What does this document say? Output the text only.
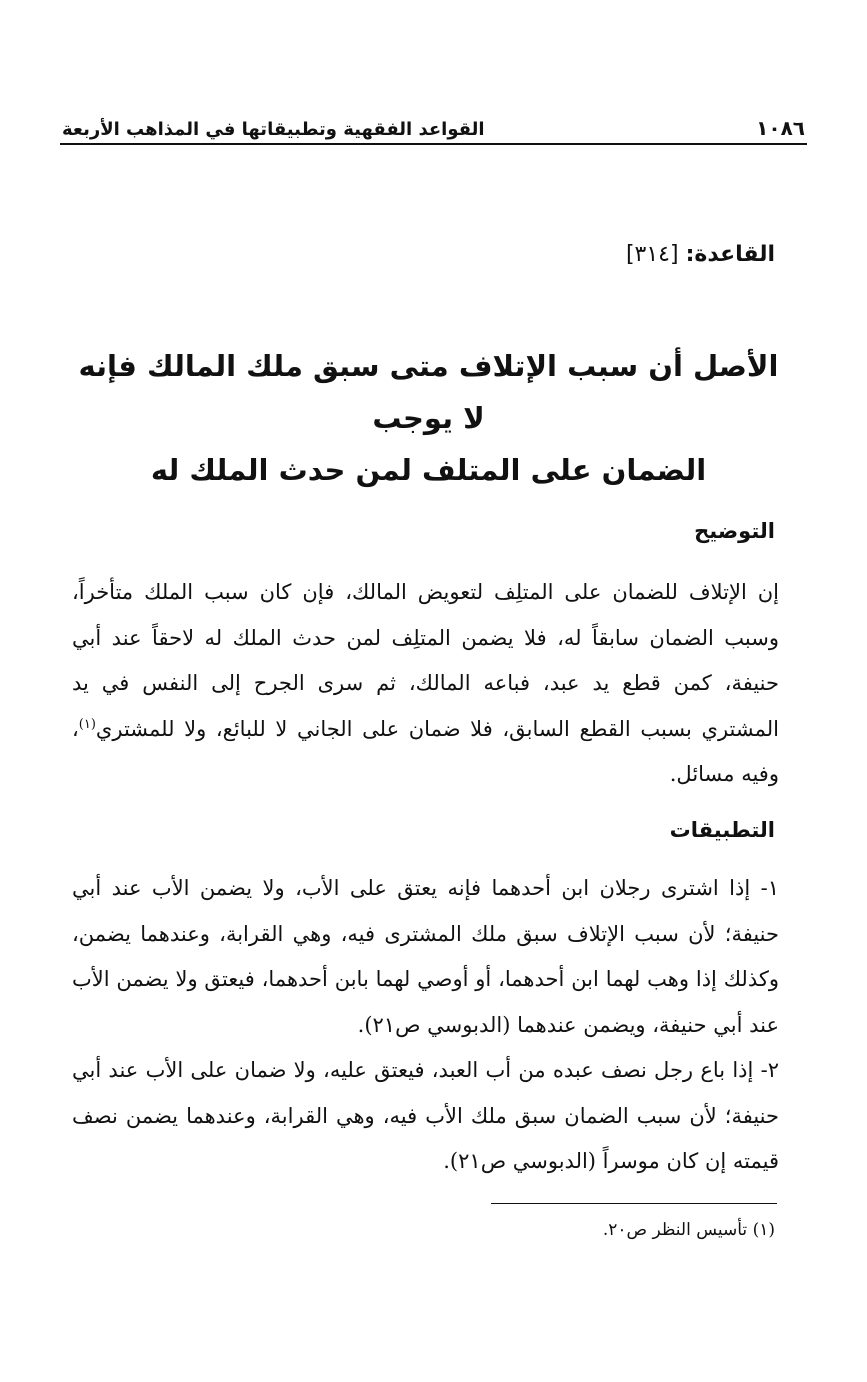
١٠٨٦
القواعد الفقهية وتطبيقاتها في المذاهب الأربعة
القاعدة: [٣١٤]
الأصل أن سبب الإتلاف متى سبق ملك المالك فإنه لا يوجب
الضمان على المتلف لمن حدث الملك له
التوضيح
إن الإتلاف للضمان على المتلِف لتعويض المالك، فإن كان سبب الملك متأخراً، وسبب الضمان سابقاً له، فلا يضمن المتلِف لمن حدث الملك له لاحقاً عند أبي حنيفة، كمن قطع يد عبد، فباعه المالك، ثم سرى الجرح إلى النفس في يد المشتري بسبب القطع السابق، فلا ضمان على الجاني لا للبائع، ولا للمشتري$^{(١)}$، وفيه مسائل.
التطبيقات
١- إذا اشترى رجلان ابن أحدهما فإنه يعتق على الأب، ولا يضمن الأب عند أبي حنيفة؛ لأن سبب الإتلاف سبق ملك المشترى فيه، وهي القرابة، وعندهما يضمن، وكذلك إذا وهب لهما ابن أحدهما، أو أوصي لهما بابن أحدهما، فيعتق ولا يضمن الأب عند أبي حنيفة، ويضمن عندهما (الدبوسي ص٢١).
٢- إذا باع رجل نصف عبده من أب العبد، فيعتق عليه، ولا ضمان على الأب عند أبي حنيفة؛ لأن سبب الضمان سبق ملك الأب فيه، وهي القرابة، وعندهما يضمن نصف قيمته إن كان موسراً (الدبوسي ص٢١).
(١) تأسيس النظر ص٢٠.
